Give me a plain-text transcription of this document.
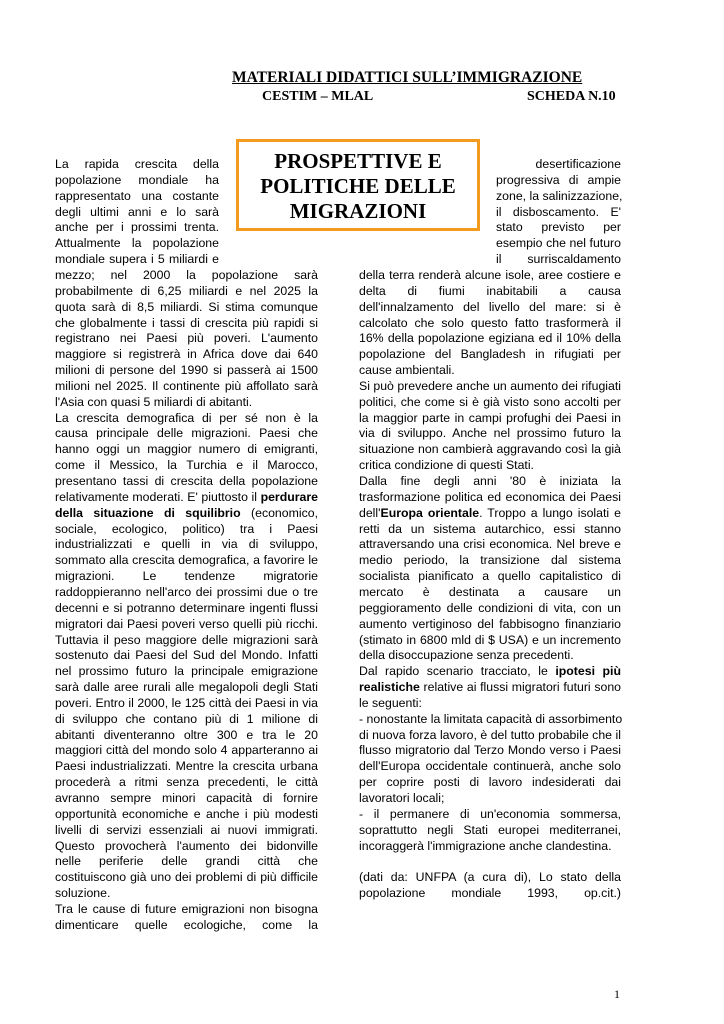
MATERIALI DIDATTICI SULL’IMMIGRAZIONE
CESTIM – MLAL	SCHEDA N.10
PROSPETTIVE E POLITICHE DELLE MIGRAZIONI
La rapida crescita della
popolazione mondiale ha
rappresentato una costante
degli ultimi anni e lo sarà
anche per i prossimi trenta.
Attualmente la popolazione
mondiale supera i 5 miliardi e
mezzo; nel 2000 la popolazione sarà
probabilmente di 6,25 miliardi e nel 2025 la
quota sarà di 8,5 miliardi. Si stima comunque
che globalmente i tassi di crescita più rapidi si
registrano nei Paesi più poveri. L'aumento
maggiore si registrerà in Africa dove dai 640
milioni di persone del 1990 si passerà ai 1500
milioni nel 2025. Il continente più affollato sarà
l'Asia con quasi 5 miliardi di abitanti.
La crescita demografica di per sé non è la
causa principale delle migrazioni. Paesi che
hanno oggi un maggior numero di emigranti,
come il Messico, la Turchia e il Marocco,
presentano tassi di crescita della popolazione
relativamente moderati. E' piuttosto il perdurare
della situazione di squilibrio (economico,
sociale, ecologico, politico) tra i Paesi
industrializzati e quelli in via di sviluppo,
sommato alla crescita demografica, a favorire le
migrazioni. Le tendenze migratorie
raddoppieranno nell'arco dei prossimi due o tre
decenni e si potranno determinare ingenti flussi
migratori dai Paesi poveri verso quelli più ricchi.
Tuttavia il peso maggiore delle migrazioni sarà
sostenuto dai Paesi del Sud del Mondo. Infatti
nel prossimo futuro la principale emigrazione
sarà dalle aree rurali alle megalopoli degli Stati
poveri. Entro il 2000, le 125 città dei Paesi in via
di sviluppo che contano più di 1 milione di
abitanti diventeranno oltre 300 e tra le 20
maggiori città del mondo solo 4 apparteranno ai
Paesi industrializzati. Mentre la crescita urbana
procederà a ritmi senza precedenti, le città
avranno sempre minori capacità di fornire
opportunità economiche e anche i più modesti
livelli di servizi essenziali ai nuovi immigrati.
Questo provocherà l'aumento dei bidonville
nelle periferie delle grandi città che
costituiscono già uno dei problemi di più difficile
soluzione.
Tra le cause di future emigrazioni non bisogna
dimenticare quelle ecologiche, come la
desertificazione
progressiva di ampie
zone, la salinizzazione,
il disboscamento. E'
stato previsto per
esempio che nel futuro
il surriscaldamento
della terra renderà alcune isole, aree costiere e
delta di fiumi inabitabili a causa
dell'innalzamento del livello del mare: si è
calcolato che solo questo fatto trasformerà il
16% della popolazione egiziana ed il 10% della
popolazione del Bangladesh in rifugiati per
cause ambientali.
Si può prevedere anche un aumento dei rifugiati
politici, che come si è già visto sono accolti per
la maggior parte in campi profughi dei Paesi in
via di sviluppo. Anche nel prossimo futuro la
situazione non cambierà aggravando così la già
critica condizione di questi Stati.
Dalla fine degli anni '80 è iniziata la
trasformazione politica ed economica dei Paesi
dell'Europa orientale. Troppo a lungo isolati e
retti da un sistema autarchico, essi stanno
attraversando una crisi economica. Nel breve e
medio periodo, la transizione dal sistema
socialista pianificato a quello capitalistico di
mercato è destinata a causare un
peggioramento delle condizioni di vita, con un
aumento vertiginoso del fabbisogno finanziario
(stimato in 6800 mld di $ USA) e un incremento
della disoccupazione senza precedenti.
Dal rapido scenario tracciato, le ipotesi più
realistiche relative ai flussi migratori futuri sono
le seguenti:
- nonostante la limitata capacità di assorbimento
di nuova forza lavoro, è del tutto probabile che il
flusso migratorio dal Terzo Mondo verso i Paesi
dell'Europa occidentale continuerà, anche solo
per coprire posti di lavoro indesiderati dai
lavoratori locali;
- il permanere di un'economia sommersa,
soprattutto negli Stati europei mediterranei,
incoraggerà l'immigrazione anche clandestina.
(dati da: UNFPA (a cura di), Lo stato della
popolazione mondiale 1993, op.cit.)
1
